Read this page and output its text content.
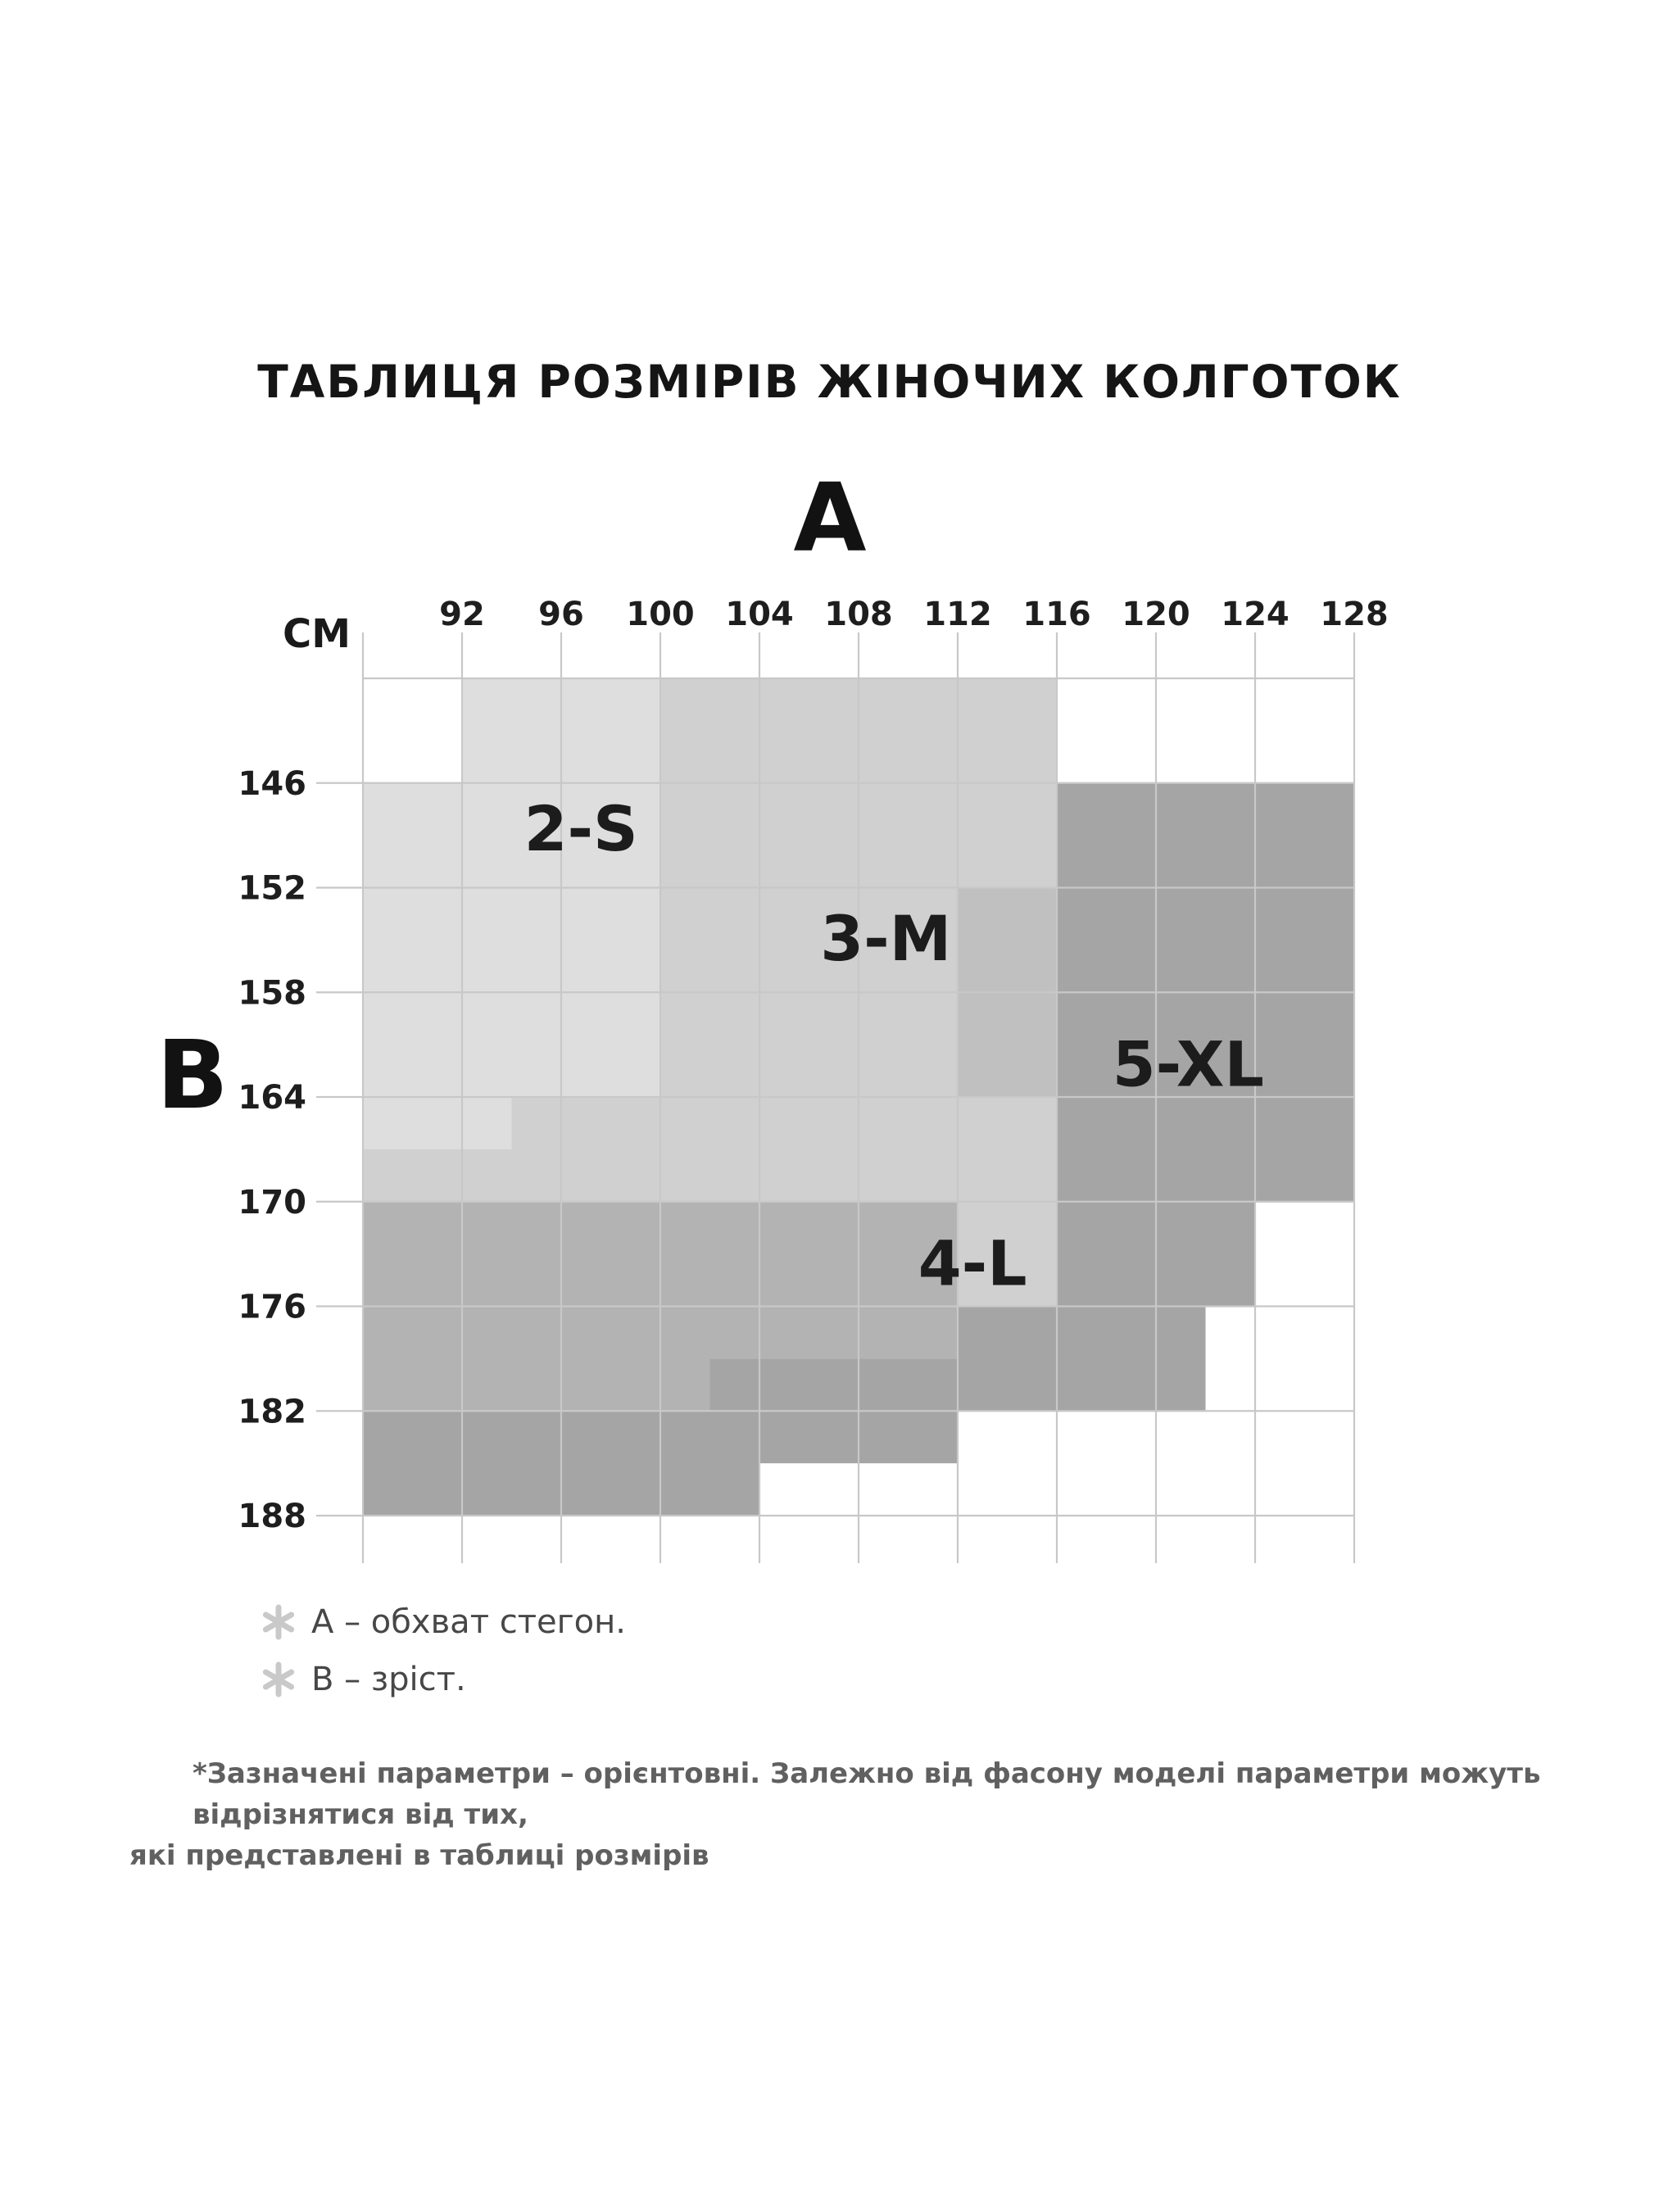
ТАБЛИЦЯ РОЗМІРІВ ЖІНОЧИХ КОЛГОТОК
А
В
СМ	92 96 100 104 108 112 116 120 124 128
146
152
158
164
170
176
182
188
2-S
3-M
4-L
5-XL
А – обхват стегон.
В – зріст.
*Зазначені параметри – орієнтовні. Залежно від фасону моделі параметри можуть відрізнятися від тих,
які представлені в таблиці розмірів
